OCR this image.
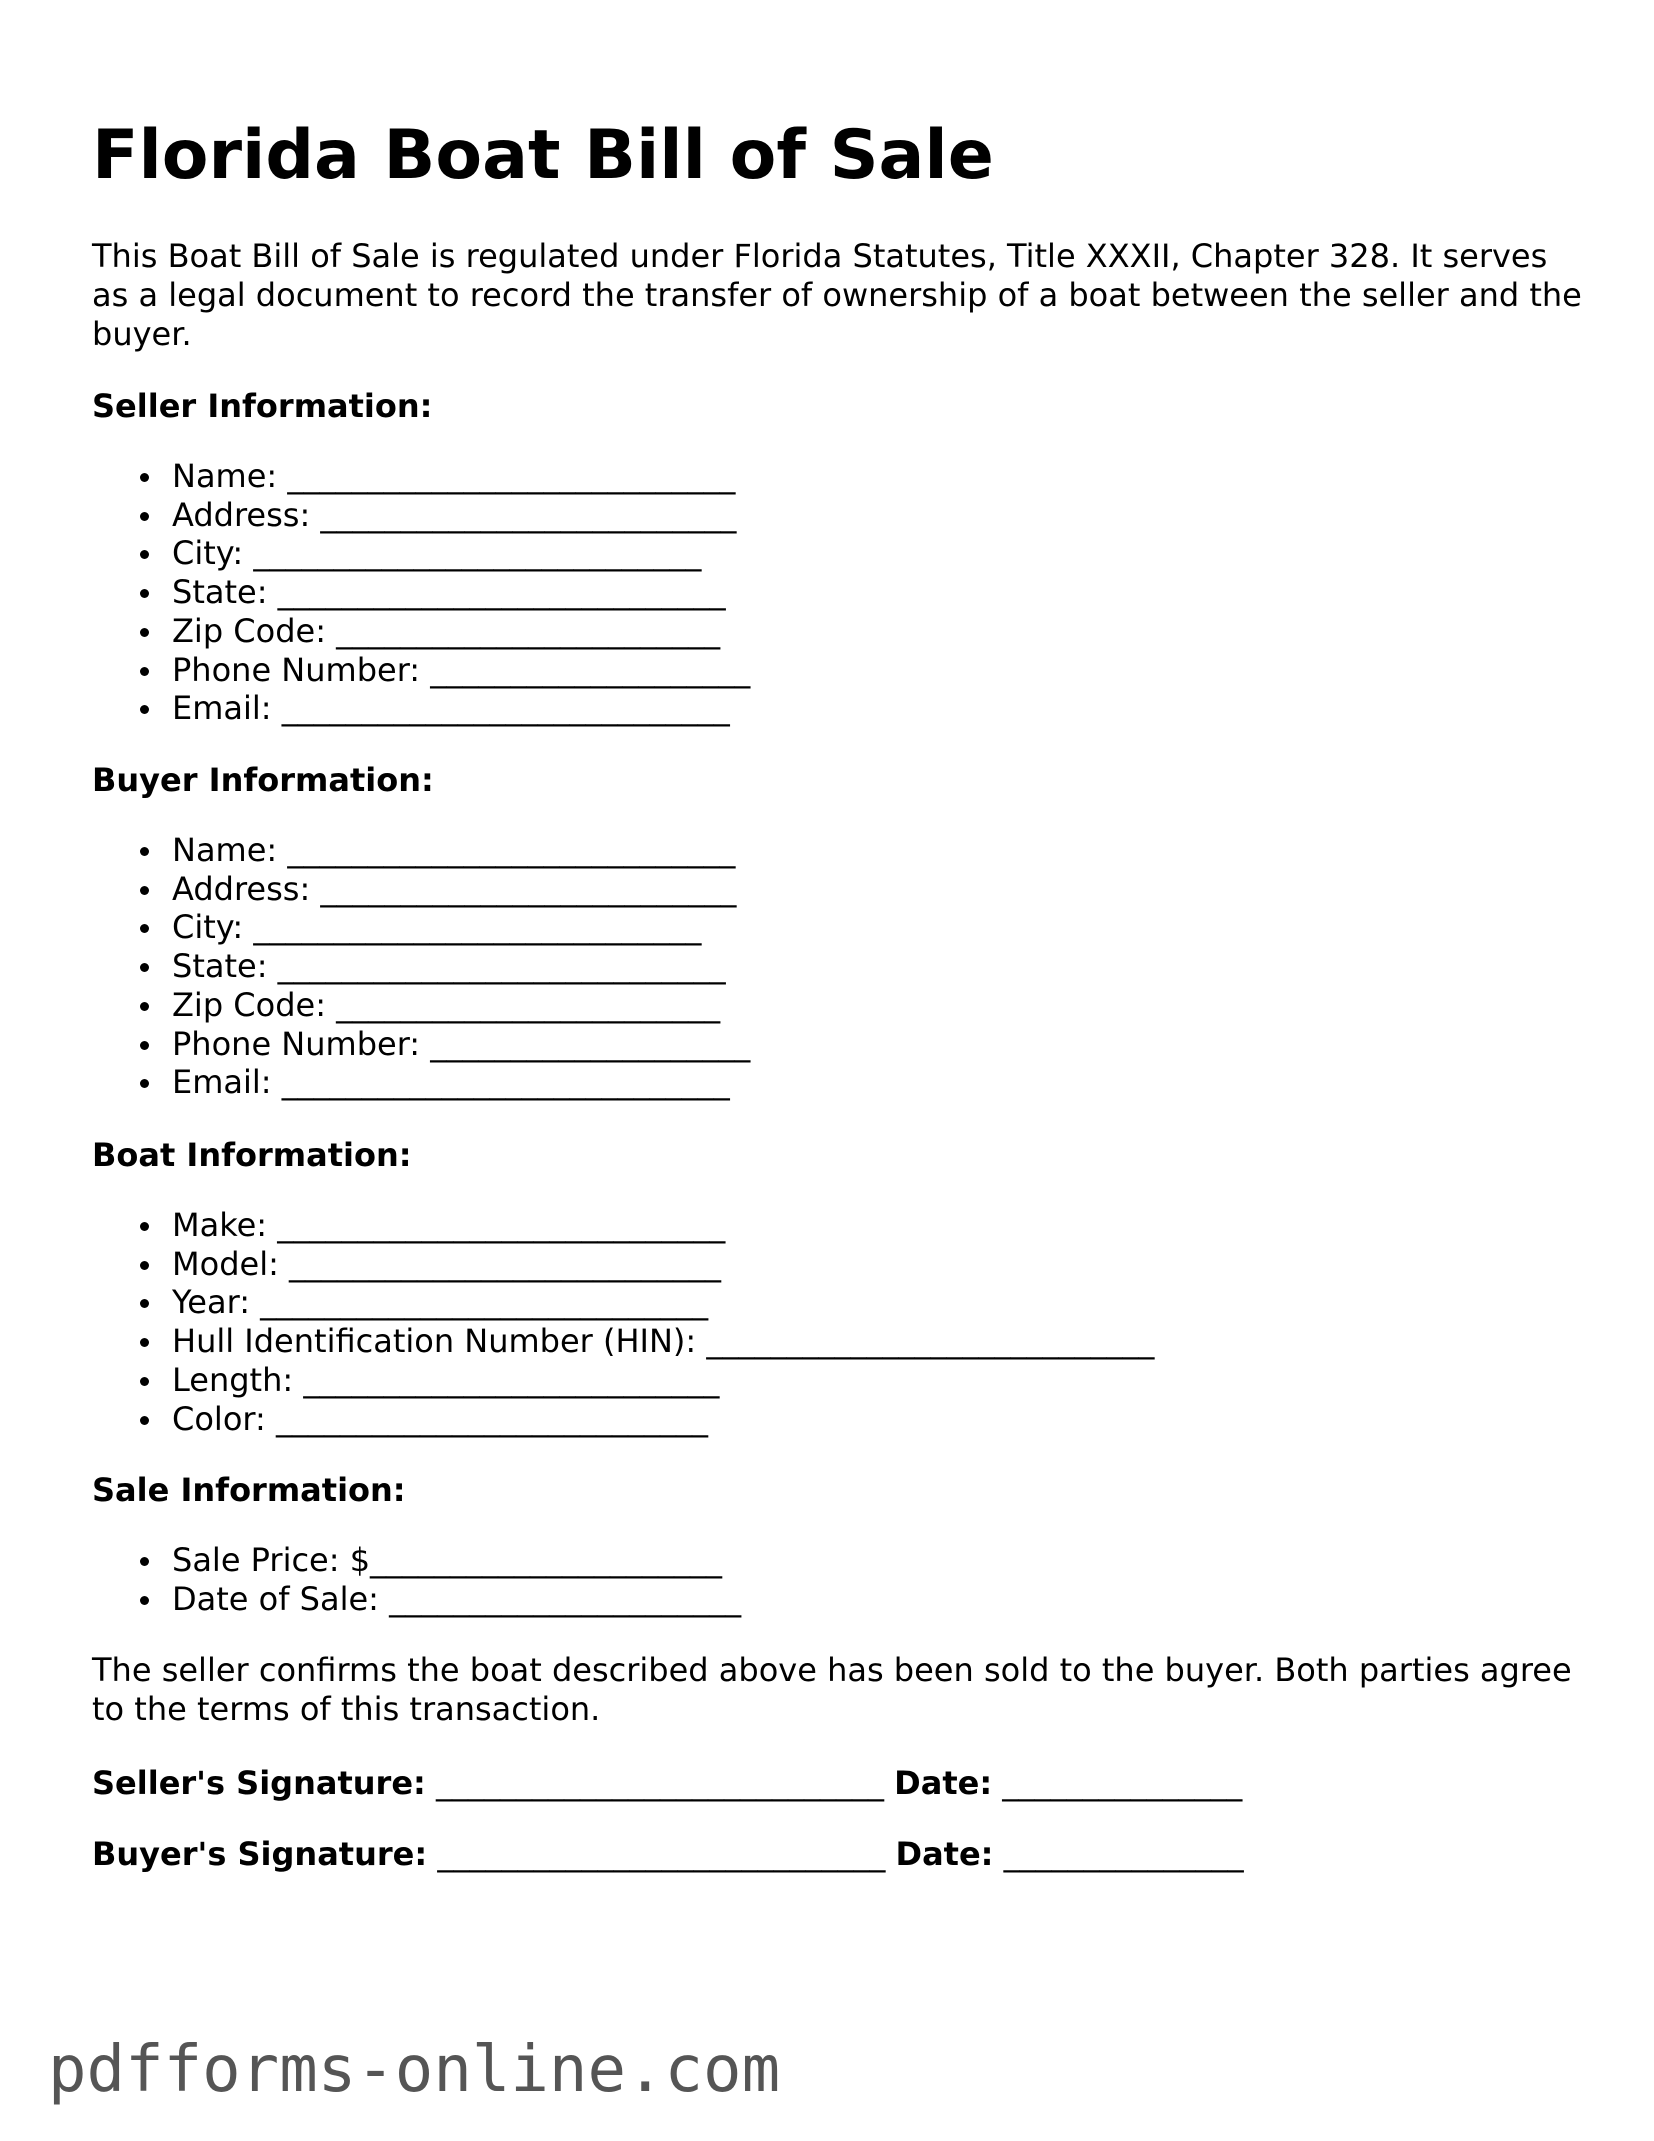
Florida Boat Bill of Sale

This Boat Bill of Sale is regulated under Florida Statutes, Title XXXII, Chapter 328. It serves as a legal document to record the transfer of ownership of a boat between the seller and the buyer.

Seller Information:
Name: ____________________________
Address: __________________________
City: ____________________________
State: ____________________________
Zip Code: ________________________
Phone Number: ____________________
Email: ____________________________
Buyer Information:
Name: ____________________________
Address: __________________________
City: ____________________________
State: ____________________________
Zip Code: ________________________
Phone Number: ____________________
Email: ____________________________
Boat Information:
Make: ____________________________
Model: ___________________________
Year: ____________________________
Hull Identification Number (HIN): ____________________________
Length: __________________________
Color: ___________________________
Sale Information:
Sale Price: $______________________
Date of Sale: ______________________

The seller confirms the boat described above has been sold to the buyer. Both parties agree to the terms of this transaction.

Seller's Signature: ____________________________ Date: _______________

Buyer's Signature: ____________________________ Date: _______________

pdfforms-online.com
